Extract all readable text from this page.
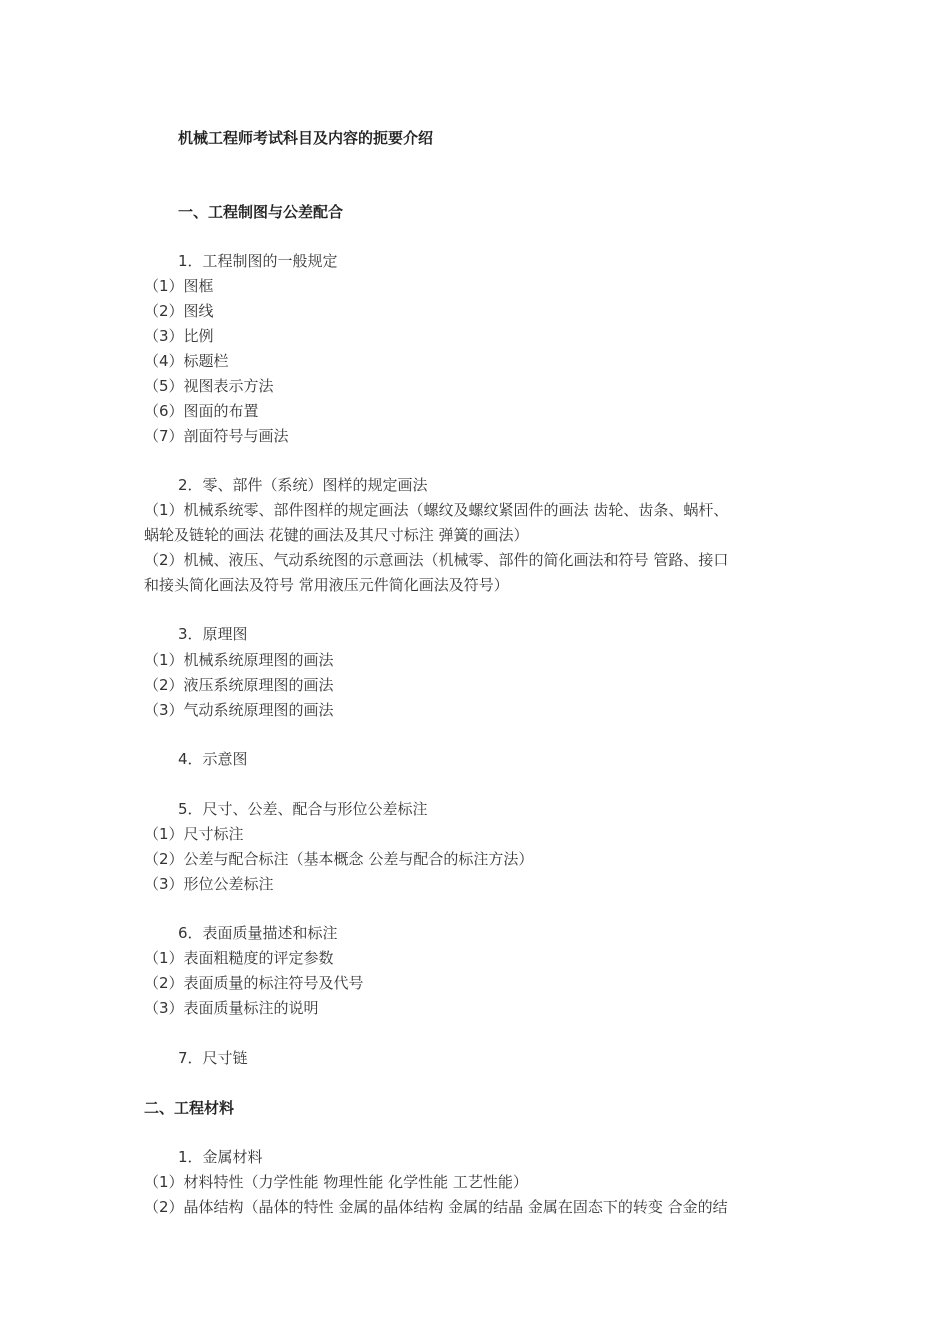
机械工程师考试科目及内容的扼要介绍
一、工程制图与公差配合
1．工程制图的一般规定
（1）图框
（2）图线
（3）比例
（4）标题栏
（5）视图表示方法
（6）图面的布置
（7）剖面符号与画法
2．零、部件（系统）图样的规定画法
（1）机械系统零、部件图样的规定画法（螺纹及螺纹紧固件的画法 齿轮、齿条、蜗杆、
蜗轮及链轮的画法 花键的画法及其尺寸标注 弹簧的画法）
（2）机械、液压、气动系统图的示意画法（机械零、部件的简化画法和符号 管路、接口
和接头简化画法及符号 常用液压元件简化画法及符号）
3．原理图
（1）机械系统原理图的画法
（2）液压系统原理图的画法
（3）气动系统原理图的画法
4．示意图
5．尺寸、公差、配合与形位公差标注
（1）尺寸标注
（2）公差与配合标注（基本概念 公差与配合的标注方法）
（3）形位公差标注
6．表面质量描述和标注
（1）表面粗糙度的评定参数
（2）表面质量的标注符号及代号
（3）表面质量标注的说明
7．尺寸链
二、工程材料
1．金属材料
（1）材料特性（力学性能 物理性能 化学性能 工艺性能）
（2）晶体结构（晶体的特性 金属的晶体结构 金属的结晶 金属在固态下的转变 合金的结
